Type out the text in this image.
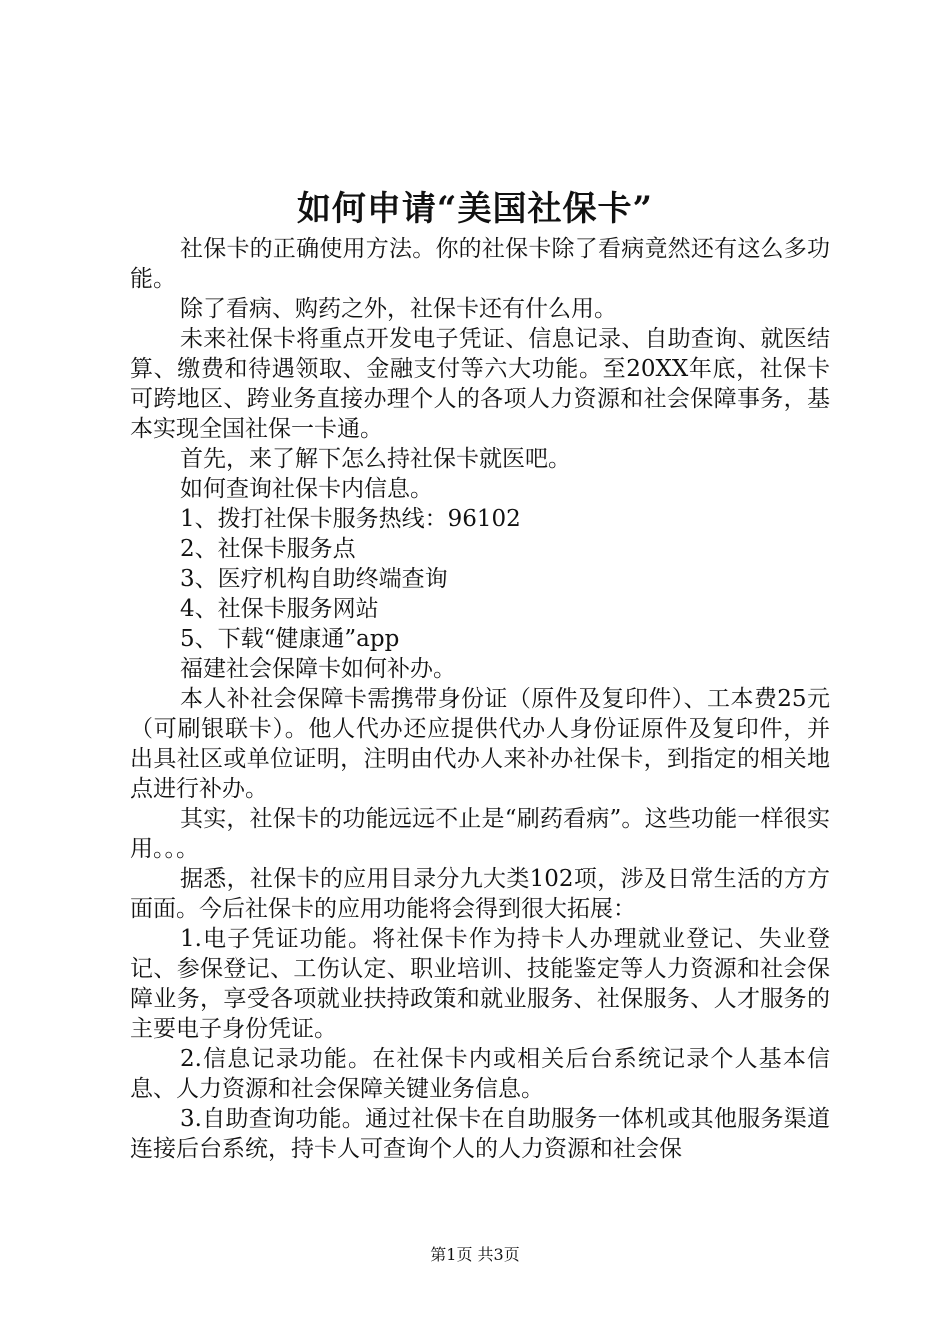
如何申请“美国社保卡”

社保卡的正确使用方法。你的社保卡除了看病竟然还有这么多功能。

除了看病、购药之外，社保卡还有什么用。

未来社保卡将重点开发电子凭证、信息记录、自助查询、就医结算、缴费和待遇领取、金融支付等六大功能。至20XX年底，社保卡可跨地区、跨业务直接办理个人的各项人力资源和社会保障事务，基本实现全国社保一卡通。

首先，来了解下怎么持社保卡就医吧。

如何查询社保卡内信息。

1、拨打社保卡服务热线：96102

2、社保卡服务点

3、医疗机构自助终端查询

4、社保卡服务网站

5、下载“健康通”app

福建社会保障卡如何补办。

本人补社会保障卡需携带身份证（原件及复印件）、工本费25元（可刷银联卡）。他人代办还应提供代办人身份证原件及复印件，并出具社区或单位证明，注明由代办人来补办社保卡，到指定的相关地点进行补办。

其实，社保卡的功能远远不止是“刷药看病”。这些功能一样很实用。。。

据悉，社保卡的应用目录分九大类102项，涉及日常生活的方方面面。今后社保卡的应用功能将会得到很大拓展：

1.电子凭证功能。将社保卡作为持卡人办理就业登记、失业登记、参保登记、工伤认定、职业培训、技能鉴定等人力资源和社会保障业务，享受各项就业扶持政策和就业服务、社保服务、人才服务的主要电子身份凭证。

2.信息记录功能。在社保卡内或相关后台系统记录个人基本信息、人力资源和社会保障关键业务信息。

3.自助查询功能。通过社保卡在自助服务一体机或其他服务渠道连接后台系统，持卡人可查询个人的人力资源和社会保

第1页 共3页
